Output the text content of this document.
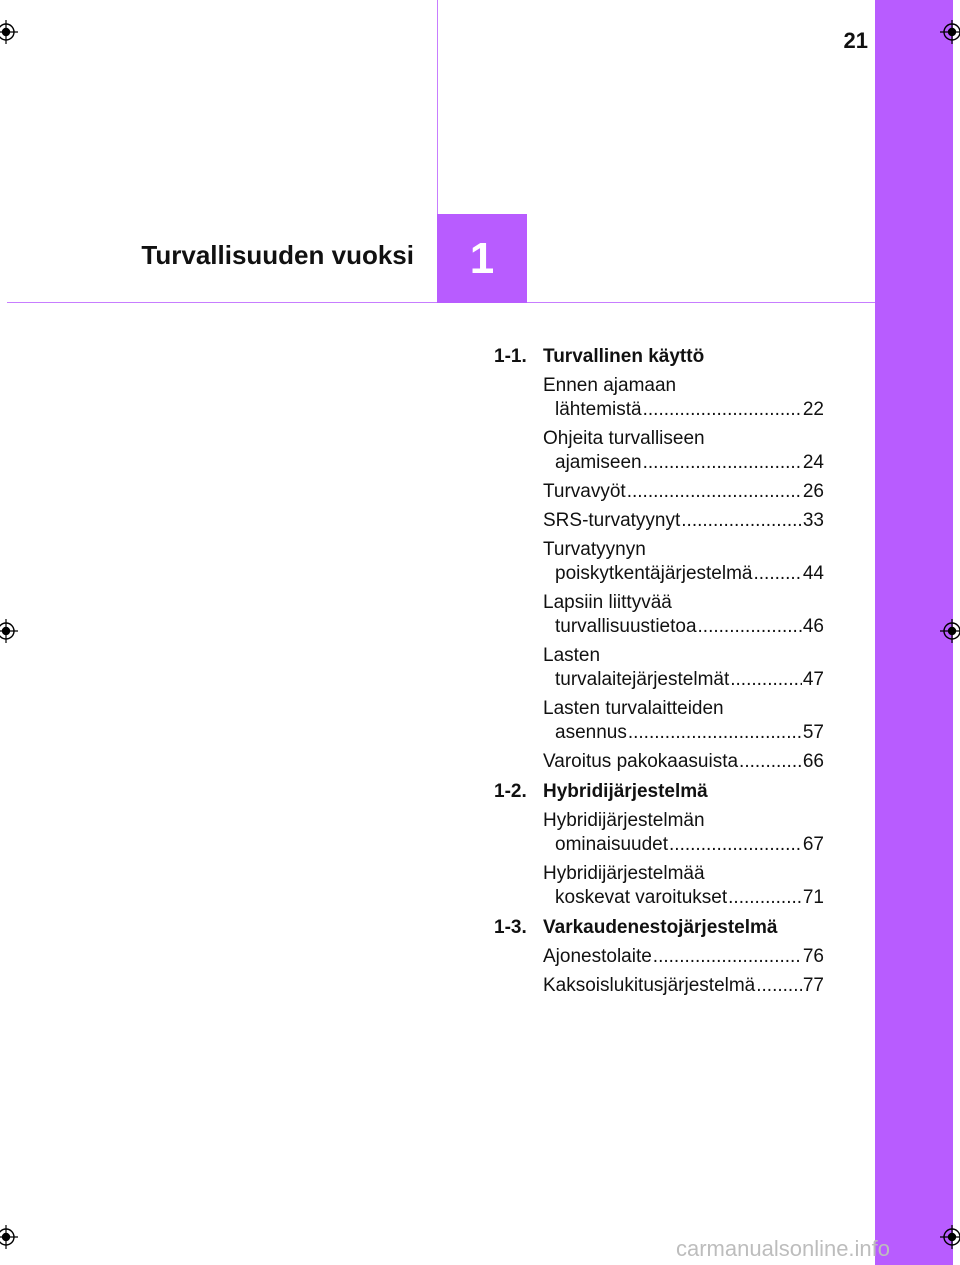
21
Turvallisuuden vuoksi	1
1-1. Turvallinen käyttö
Ennen ajamaan
lähtemistä .....	22
Ohjeita turvalliseen
ajamiseen .....	24
Turvavyöt .....	26
SRS-turvatyynyt .....	33
Turvatyynyn
poiskytkentäjärjestelmä .....	44
Lapsiin liittyvää
turvallisuustietoa .....	46
Lasten
turvalaitejärjestelmät .....	47
Lasten turvalaitteiden
asennus .....	57
Varoitus pakokaasuista .....	66
1-2. Hybridijärjestelmä
Hybridijärjestelmän
ominaisuudet .....	67
Hybridijärjestelmää
koskevat varoitukset .....	71
1-3. Varkaudenestojärjestelmä
Ajonestolaite .....	76
Kaksoislukitusjärjestelmä .....	77
carmanualsonline.info
